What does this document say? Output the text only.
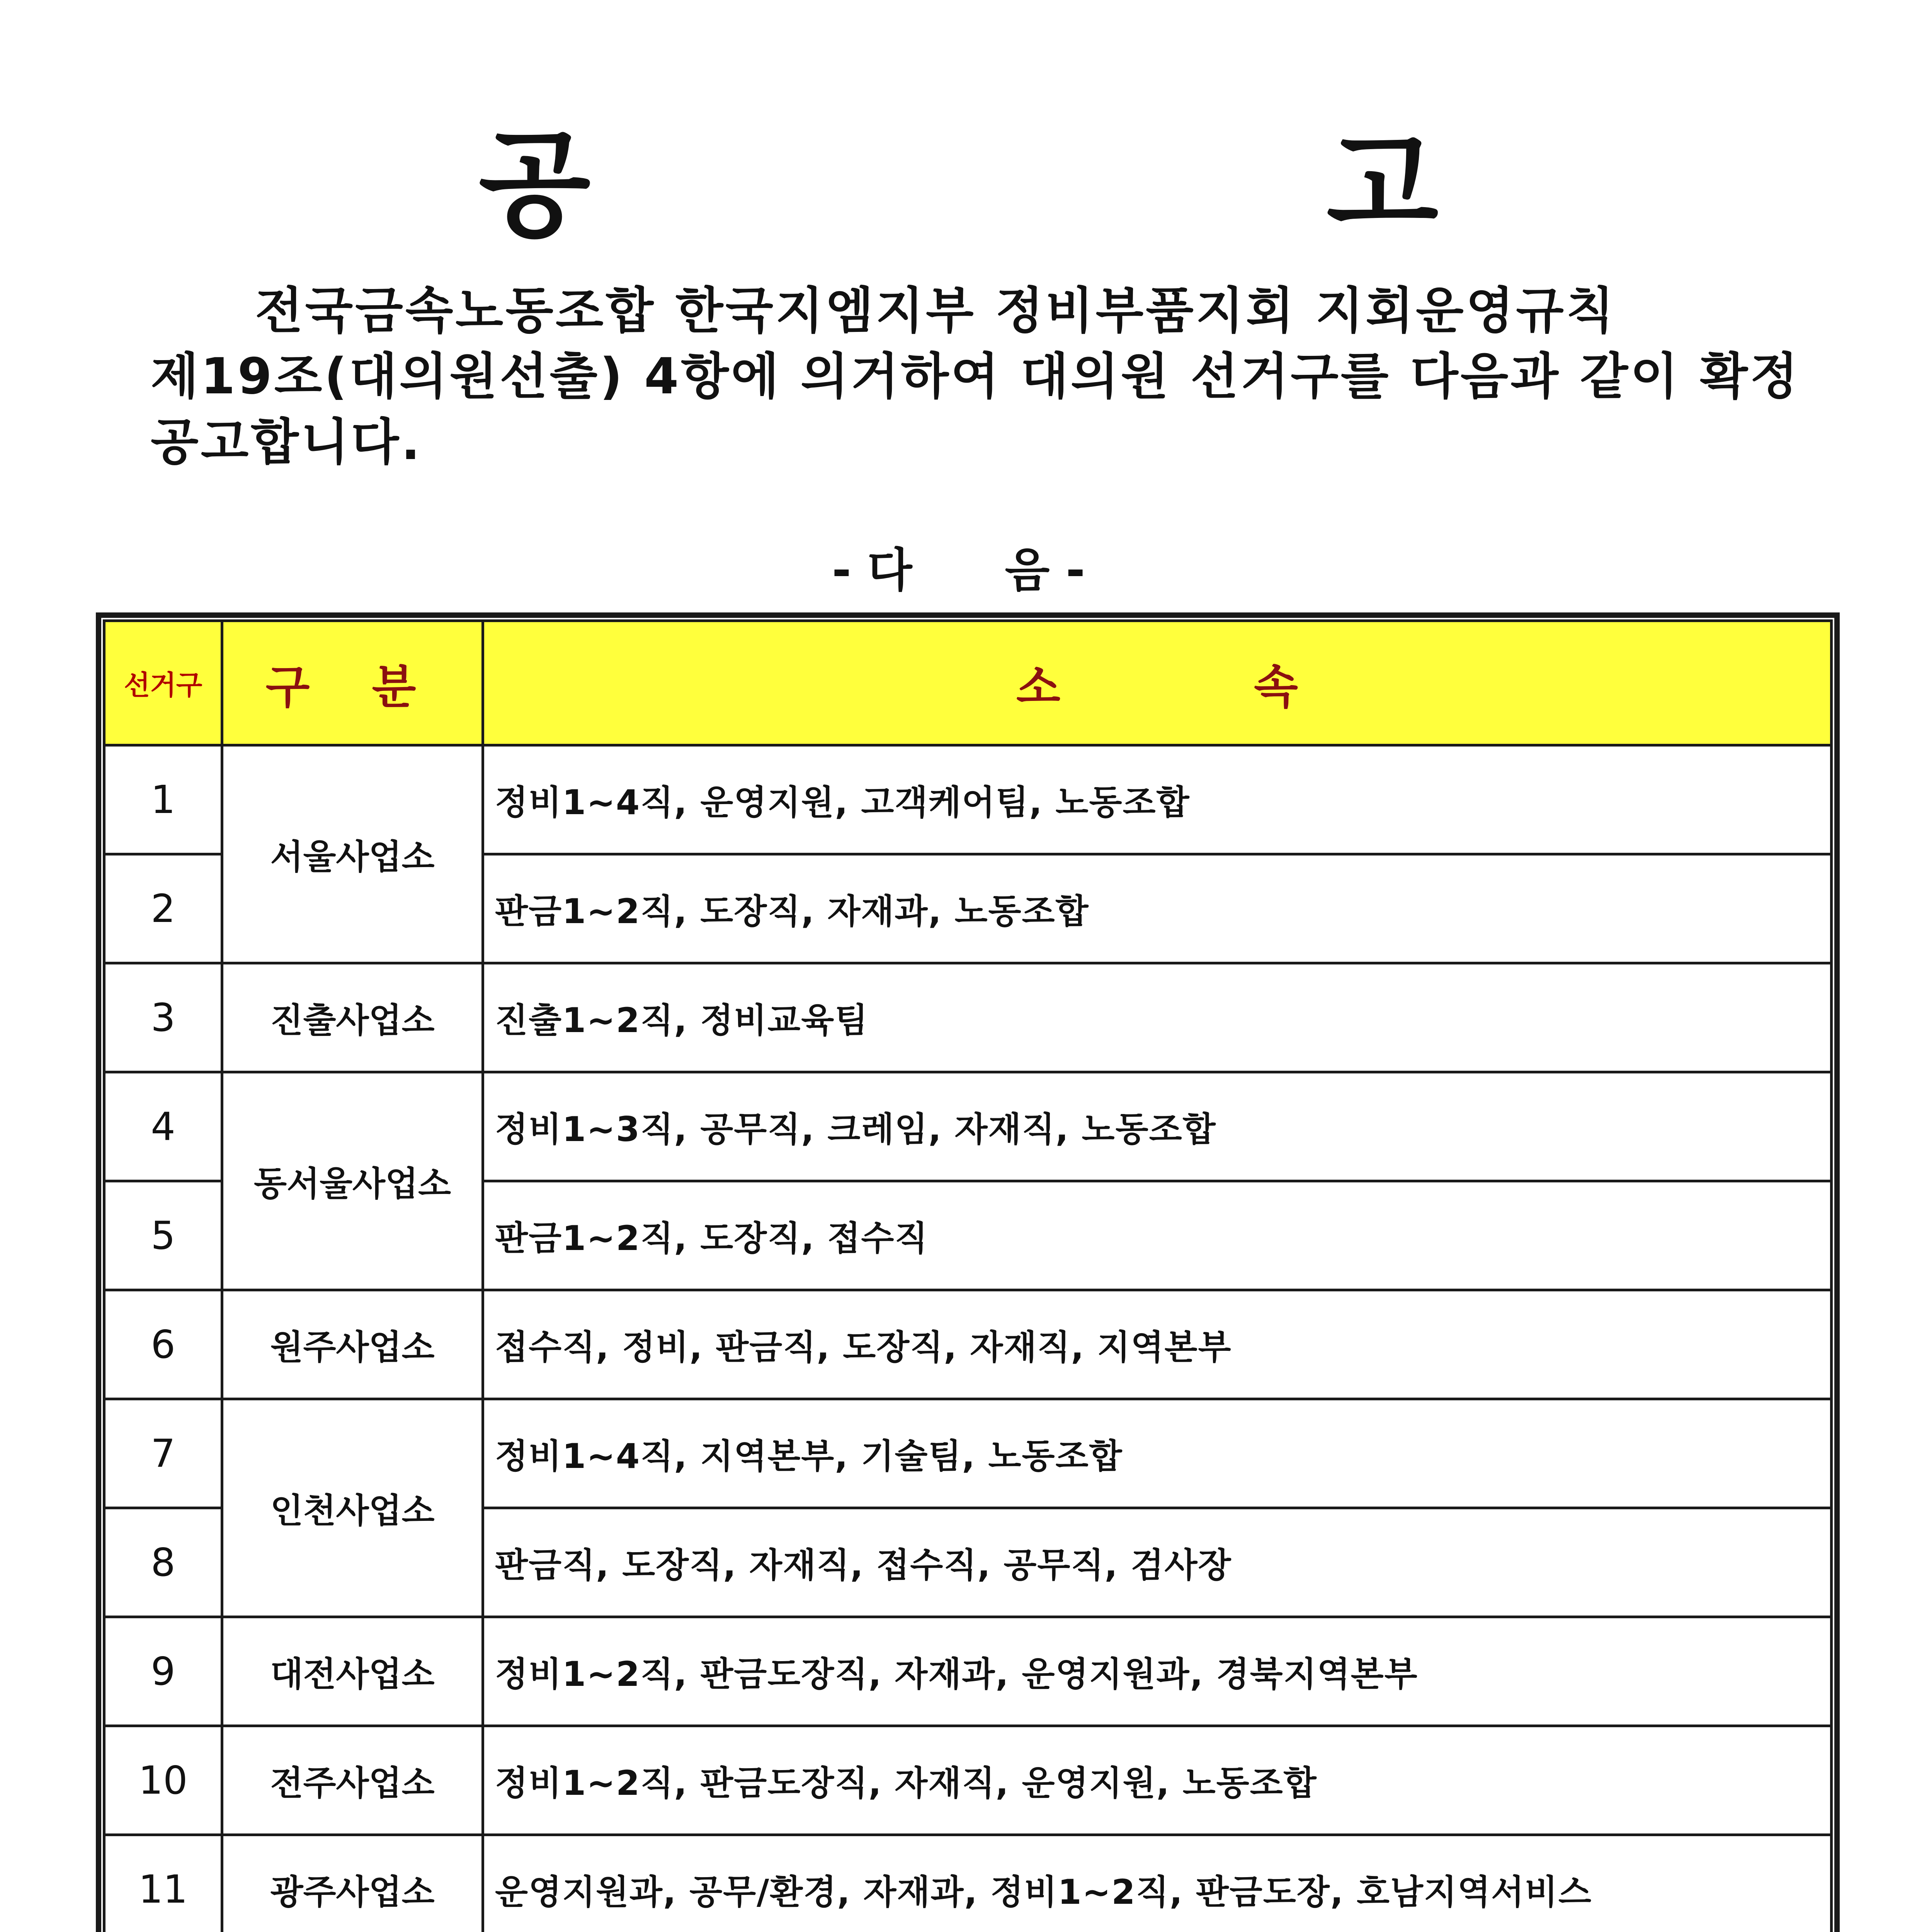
공 고
전국금속노동조합 한국지엠지부 정비부품지회 지회운영규칙
제19조(대의원선출) 4항에 의거하여 대의원 선거구를 다음과 같이 확정
공고합니다.
- 다 음 -
선거구	구 분	소 속
1	서울사업소	정비1~4직, 운영지원, 고객케어팀, 노동조합
2		판금1~2직, 도장직, 자재과, 노동조합
3	진출사업소	진출1~2직, 정비교육팀
4	동서울사업소	정비1~3직, 공무직, 크레임, 자재직, 노동조합
5		판금1~2직, 도장직, 접수직
6	원주사업소	접수직, 정비, 판금직, 도장직, 자재직, 지역본부
7	인천사업소	정비1~4직, 지역본부, 기술팀, 노동조합
8		판금직, 도장직, 자재직, 접수직, 공무직, 검사장
9	대전사업소	정비1~2직, 판금도장직, 자재과, 운영지원과, 경북지역본부
10	전주사업소	정비1~2직, 판금도장직, 자재직, 운영지원, 노동조합
11	광주사업소	운영지원과, 공무/환경, 자재과, 정비1~2직, 판금도장, 호남지역서비스
